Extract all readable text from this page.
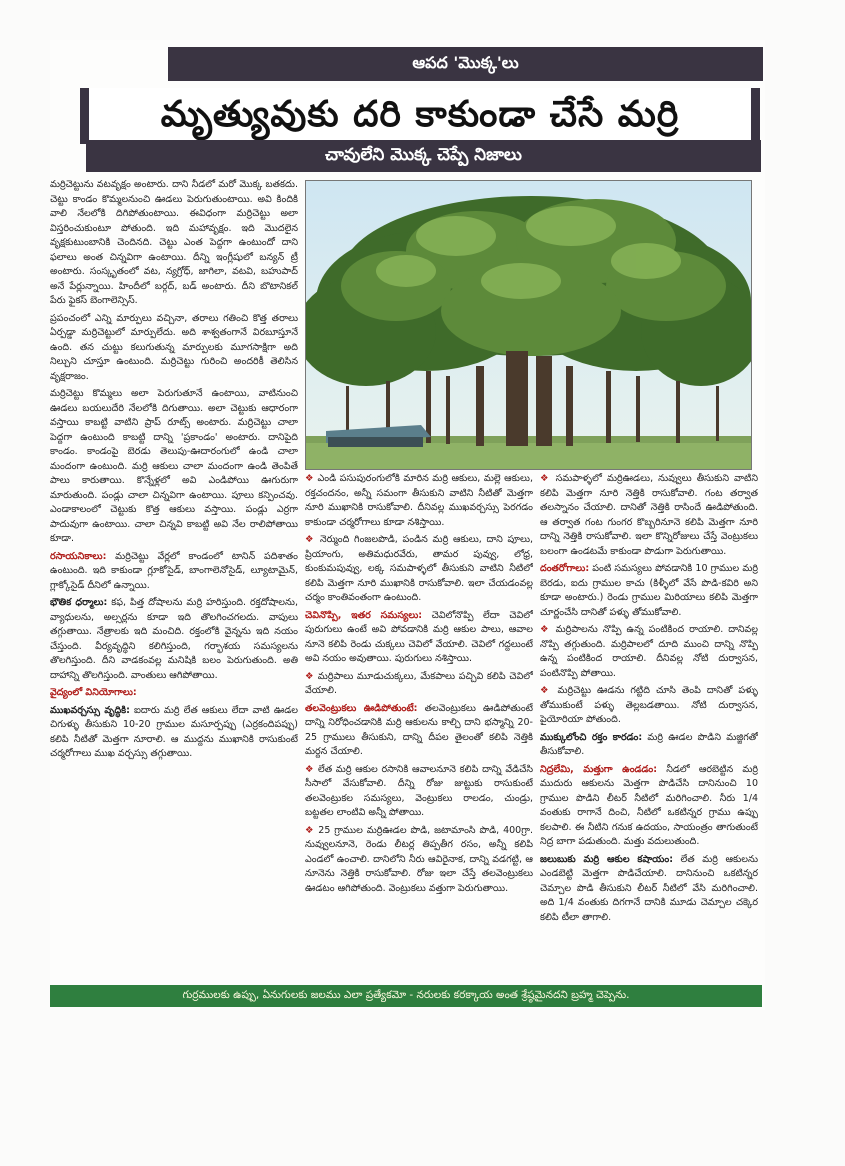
ఆపద 'మొక్క'లు
మృత్యువుకు దరి కాకుండా చేసే మర్రి
చావులేని మొక్క చెప్పే నిజాలు

మర్రిచెట్టును వటవృక్షం అంటారు. దాని నీడలో మరో మొక్క బతకదు. చెట్టు కాండం కొమ్మలనుంచి ఊడలు పెరుగుతుంటాయి. అవి కిందికి వాలి నేలలోకి దిగిపోతుంటాయి. ఈవిధంగా మర్రిచెట్టు అలా విస్తరించుకుంటూ పోతుంది. ఇది మహావృక్షం. ఇది మొదలైన వృక్షకుటుంబానికి చెందినది. చెట్టు ఎంత పెద్దగా ఉంటుందో దాని ఫలాలు అంత చిన్నవిగా ఉంటాయి. దీన్ని ఇంగ్లీషులో బన్యన్ ట్రీ అంటారు. సంస్కృతంలో వట, న్యగ్రోధ్, జాగిలా, వటవి, బహుపాద్ అనే పేర్లున్నాయి. హిందీలో బర్గద్, బడ్ అంటారు. దీని బొటానికల్ పేరు ఫైకస్ బెంగాలెన్సిస్.

ప్రపంచంలో ఎన్ని మార్పులు వచ్చినా, తరాలు గతించి కొత్త తరాలు ఏర్పడ్డా మర్రిచెట్టులో మార్పులేదు. అది శాశ్వతంగానే విరబూస్తూనే ఉంది. తన చుట్టు కలుగుతున్న మార్పులకు మూగసాక్షిగా అది నిల్చుని చూస్తూ ఉంటుంది. మర్రిచెట్టు గురించి అందరికీ తెలిసిన వృక్షరాజం.

మర్రిచెట్టు కొమ్మలు అలా పెరుగుతూనే ఉంటాయి, వాటినుంచి ఊడలు బయలుదేరి నేలలోకి దిగుతాయి. అలా చెట్టుకు ఆధారంగా వస్తాయి కాబట్టి వాటిని ప్రాప్ రూట్స్ అంటారు. మర్రిచెట్టు చాలా పెద్దగా ఉంటుంది కాబట్టి దాన్ని 'ప్రకాండం' అంటారు. దానిపైది కాండం. కాండంపై బెరడు తెలుపు-ఊదారంగులో ఉండి చాలా మందంగా ఉంటుంది. మర్రి ఆకులు చాలా మందంగా ఉండి తెంపితే పాలు కారుతాయి. కొన్నేళ్లలో అవి ఎండిపోయి ఊగురుగా మారుతుంది. పండ్లు చాలా చిన్నవిగా ఉంటాయి. పూలు కన్పించవు. ఎండాకాలంలో చెట్టుకు కొత్త ఆకులు వస్తాయి. పండ్లు ఎర్రగా పాదువుగా ఉంటాయి. చాలా చిన్నవి కాబట్టి అవి నేల రాలిపోతాయి కూడా.

రసాయనికాలు: మర్రిచెట్టు వేర్లలో కాండంలో టానిన్ పదిశాతం ఉంటుంది. ఇది కాకుండా గ్లూకోసైడ్, బాంగాలెనోసైడ్, ల్యూటామైన్, గ్లాక్కోసైడ్ దీనిలో ఉన్నాయి.

భౌతిక ధర్మాలు: కఫ, పిత్త దోషాలను మర్రి హరిస్తుంది. రక్తదోషాలను, వ్యాధులను, అల్సర్లను కూడా ఇది తొలగించగలదు. వాపులు తగ్గుతాయి. నేత్రాలకు ఇది మంచిది. రక్తంలోకి వైన్నను ఇది నయం చేస్తుంది. వీర్యవృద్ధిని కలిగిస్తుంది, గర్భాశయ సమస్యలను తొలగిస్తుంది. దీని వాడకంవల్ల మనిషికి బలం పెరుగుతుంది. అతి దాహాన్ని తొలగిస్తుంది. వాంతులు ఆగిపోతాయి.

వైద్యంలో వినియోగాలు:

ముఖవర్చస్సు వృద్ధికి: ఐదారు మర్రి లేత ఆకులు లేదా వాటి ఊడల చిగుళ్ళు తీసుకుని 10-20 గ్రాముల మసూర్పప్పు (ఎర్రకందిపప్పు) కలిపి నీటితో మెత్తగా నూరాలి. ఆ ముద్దను ముఖానికి రాసుకుంటే చర్మరోగాలు ముఖ వర్చస్సు తగ్గుతాయి.

❖ ఎండి పసుపురంగులోకి మారిన మర్రి ఆకులు, మల్లె ఆకులు, రక్తచందనం, అన్నీ సమంగా తీసుకుని వాటిని నీటితో మెత్తగా నూరి ముఖానికి రాసుకోవాలి. దీనివల్ల ముఖవర్చస్సు పెరగడం కాకుండా చర్మరోగాలు కూడా నశిస్తాయి.

❖ నెర్ముంది గింజలపొడి, పండిన మర్రి ఆకులు, దాని పూలు, ప్రియాంగు, అతిమధురవేరు, తామర పువ్వు, లోధ్ర, కుంకుమపువ్వు, లక్క సమపాళ్ళలో తీసుకుని వాటిని నీటిలో కలిపి మెత్తగా నూరి ముఖానికి రాసుకోవాలి. ఇలా చేయడంవల్ల చర్మం కాంతివంతంగా ఉంటుంది.

చెవినొప్పి, ఇతర సమస్యలు: చెవిలోనొప్పి లేదా చెవిలో పురుగులు ఉంటే అవి పోవడానికి మర్రి ఆకుల పాలు, ఆవాల నూనె కలిపి రెండు చుక్కలు చెవిలో వేయాలి. చెవిలో గద్దలుంటే అవి నయం అవుతాయి. పురుగులు నశిస్తాయి.

❖ మర్రిపాలు మూడుచుక్కలు, మేకపాలు పచ్చివి కలిపి చెవిలో వేయాలి.

తలవెంట్రుకలు ఊడిపోతుంటే: తలవెంట్రుకలు ఊడిపోతుంటే దాన్ని నిరోధించడానికి మర్రి ఆకులను కాల్చి దాని భస్మాన్ని 20-25 గ్రాములు తీసుకుని, దాన్ని దీపల తైలంతో కలిపి నెత్తికి మర్దన చేయాలి.

❖ లేత మర్రి ఆకుల రసానికి ఆవాలనూనె కలిపి దాన్ని వేడిచేసి సీసాలో వేసుకోవాలి. దీన్ని రోజు జుట్టుకు రాసుకుంటే తలవెంట్రుకల సమస్యలు, వెంట్రుకలు రాలడం, చుండ్రు, బట్టతల లాంటివి అన్నీ పోతాయి.

❖ 25 గ్రాముల మర్రిఊడల పొడి, జటామాంసి పొడి, 400గ్రా. నువ్వులనూనె, రెండు లీటర్ల తిప్పతీగ రసం, అన్నీ కలిపి ఎండలో ఉంచాలి. దానిలోని నీరు ఆవిరైనాక, దాన్ని వడగట్టి, ఆ నూనెను నెత్తికి రాసుకోవాలి. రోజు ఇలా చేస్తే తలవెంట్రుకలు ఊడటం ఆగిపోతుంది. వెంట్రుకలు వత్తుగా పెరుగుతాయి.

❖ సమపాళ్ళలో మర్రిఊడలు, నువ్వులు తీసుకుని వాటిని కలిపి మెత్తగా నూరి నెత్తికి రాసుకోవాలి. గంట తర్వాత తలస్నానం చేయాలి. దానితో నెత్తికి రాసిందే ఊడిపోతుంది. ఆ తర్వాత గంట గుంగర కొబ్బరినూనె కలిపి మెత్తగా నూరి దాన్ని నెత్తికి రాసుకోవాలి. ఇలా కొన్నిరోజులు చేస్తే వెంట్రుకలు బలంగా ఉండటమే కాకుండా పొడుగా పెరుగుతాయి.

దంతరోగాలు: పంటి సమస్యలు పోవడానికి 10 గ్రాముల మర్రి బెరడు, ఐదు గ్రాముల కాచు (కిళ్ళీలో వేసే పొడి-కవిరి అని కూడా అంటారు.) రెండు గ్రాముల మిరియాలు కలిపి మెత్తగా చూర్ణంచేసి దానితో పళ్ళు తోముకోవాలి.

❖ మర్రిపాలను నొప్పి ఉన్న పంటికింద రాయాలి. దానివల్ల నొప్పి తగ్గుతుంది. మర్రిపాలలో దూది ముంచి దాన్ని నొప్పి ఉన్న పంటికింద రాయాలి. దీనివల్ల నోటి దుర్వాసన, పంటినొప్పి పోతాయి.

❖ మర్రిచెట్టు ఊడను గట్టిది చూసి తెంపి దానితో పళ్ళు తోముకుంటే పళ్ళు తెల్లబడతాయి. నోటి దుర్వాసన, పైయోరియా పోతుంది.

ముక్కులోంచి రక్తం కారడం: మర్రి ఊడల పొడిని మజ్జిగతో తీసుకోవాలి.

నిద్రలేమి, మత్తుగా ఉండడం: నీడలో ఆరబెట్టిన మర్రి ముదురు ఆకులను మెత్తగా పొడిచేసి దానినుంచి 10 గ్రాముల పొడిని లీటర్ నీటిలో మరిగించాలి. నీరు 1/4 వంతుకు రాగానే దించి, నీటిలో ఒకటిన్నర గ్రాము ఉప్పు కలపాలి. ఈ నీటిని గనుక ఉదయం, సాయంత్రం తాగుతుంటే నిద్ర బాగా పడుతుంది. మత్తు వదులుతుంది.

జలుబుకు మర్రి ఆకుల కషాయం: లేత మర్రి ఆకులను ఎండబెట్టి మెత్తగా పొడిచేయాలి. దానినుంచి ఒకటిన్నర చెమ్చాల పొడి తీసుకుని లీటర్ నీటిలో వేసి మరిగించాలి. అది 1/4 వంతుకు దిగగానే దానికి మూడు చెమ్చాల చక్కెర కలిపి టీలా తాగాలి.

గుర్రములకు ఉప్పు, ఏనుగులకు జలము ఎలా ప్రత్యేకమో - నరులకు కరక్కాయ అంత శ్రేష్ఠమైనదని బ్రహ్మ చెప్పెను.
